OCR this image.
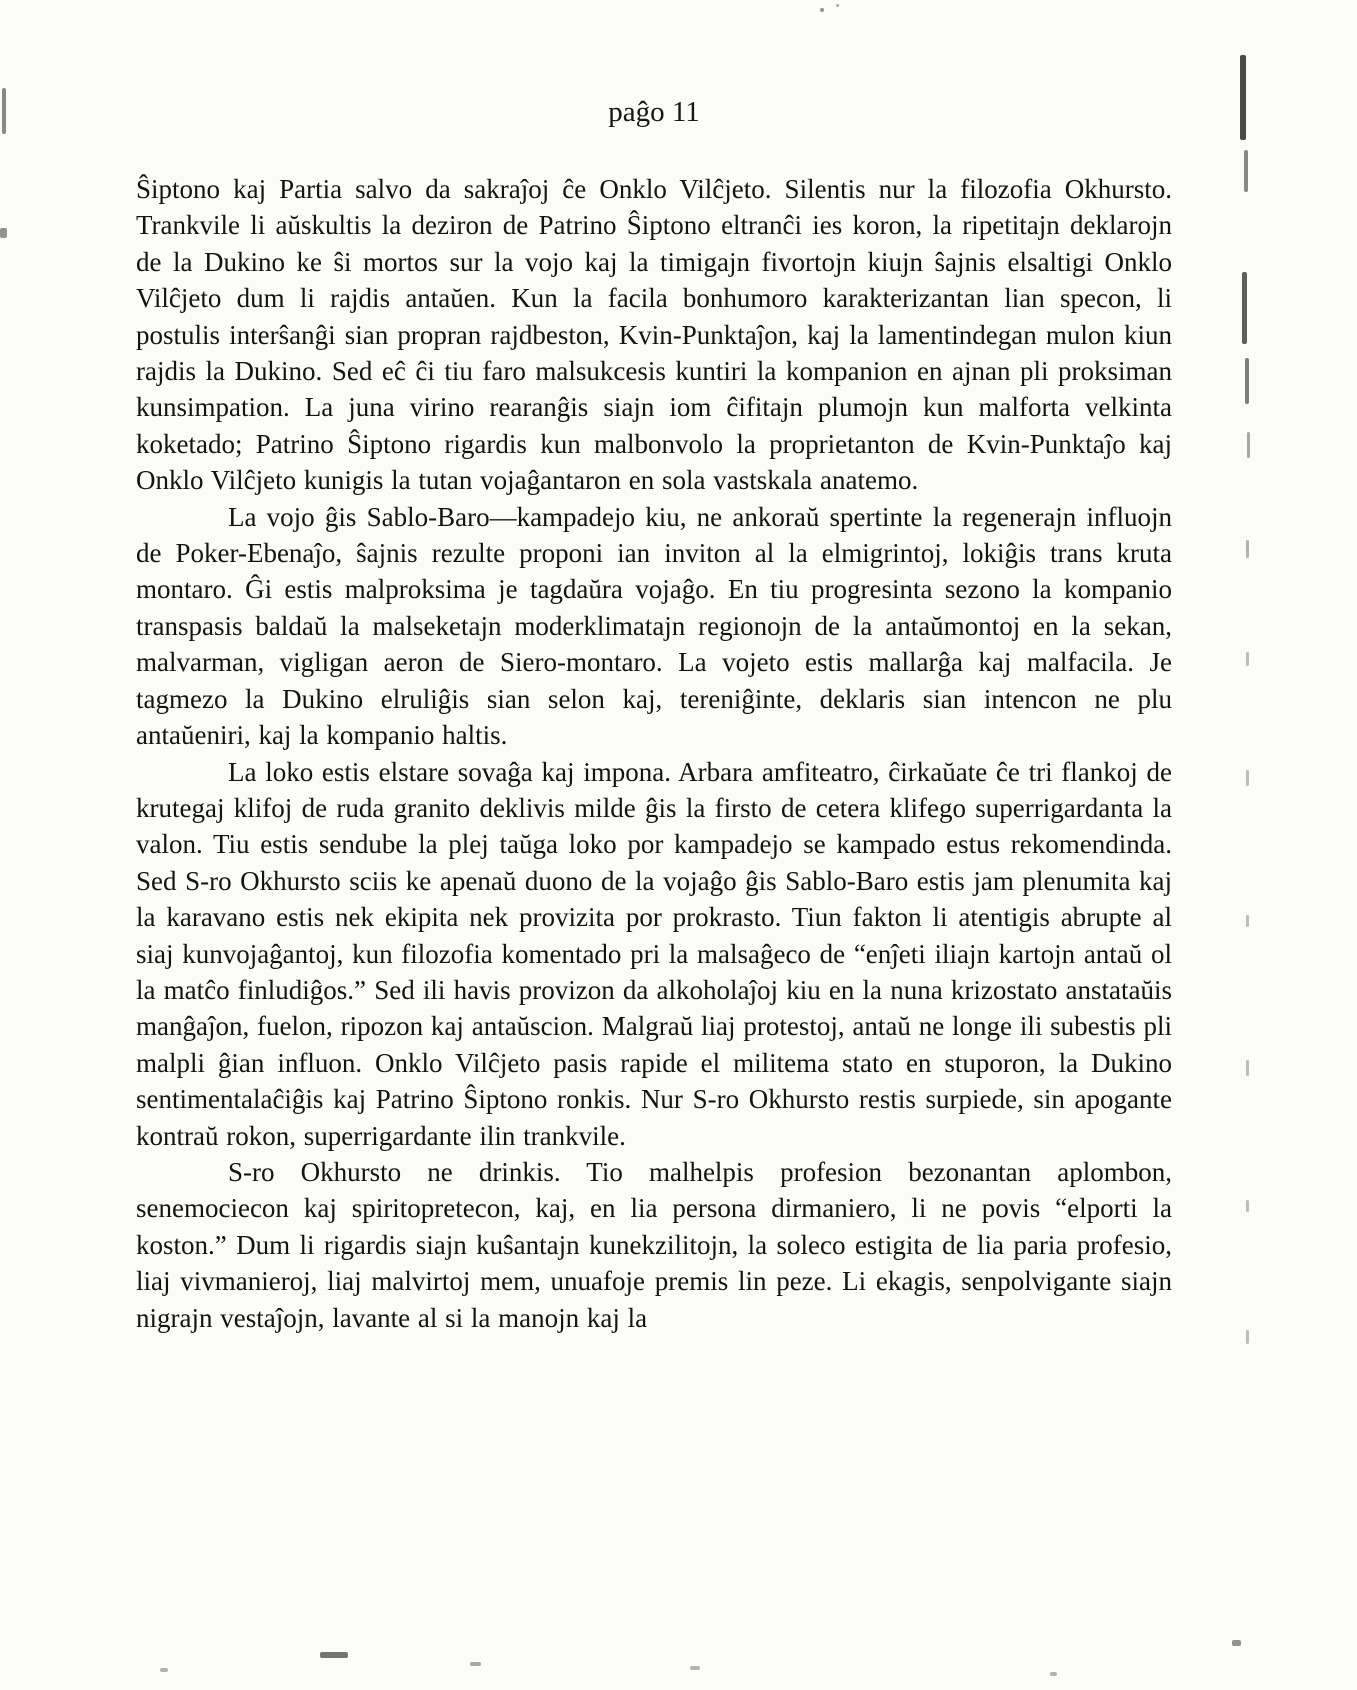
paĝo 11

Ŝiptono kaj Partia salvo da sakraĵoj ĉe Onklo Vilĉjeto. Silentis nur la filozofia Okhursto. Trankvile li aŭskultis la deziron de Patrino Ŝiptono eltranĉi ies koron, la ripetitajn deklarojn de la Dukino ke ŝi mortos sur la vojo kaj la timigajn fivortojn kiujn ŝajnis elsaltigi Onklo Vilĉjeto dum li rajdis antaŭen. Kun la facila bonhumoro karakterizantan lian specon, li postulis interŝanĝi sian propran rajdbeston, Kvin-Punktaĵon, kaj la lamentindegan mulon kiun rajdis la Dukino. Sed eĉ ĉi tiu faro malsukcesis kuntiri la kompanion en ajnan pli proksiman kunsimpation. La juna virino rearanĝis siajn iom ĉifitajn plumojn kun malforta velkinta koketado; Patrino Ŝiptono rigardis kun malbonvolo la proprietanton de Kvin-Punktaĵo kaj Onklo Vilĉjeto kunigis la tutan vojaĝantaron en sola vastskala anatemo.

La vojo ĝis Sablo-Baro—kampadejo kiu, ne ankoraŭ spertinte la regenerajn influojn de Poker-Ebenaĵo, ŝajnis rezulte proponi ian inviton al la elmigrintoj, lokiĝis trans kruta montaro. Ĝi estis malproksima je tagdaŭra vojaĝo. En tiu progresinta sezono la kompanio transpasis baldaŭ la malseketajn moderklimatajn regionojn de la antaŭmontoj en la sekan, malvarman, vigligan aeron de Siero-montaro. La vojeto estis mallarĝa kaj malfacila. Je tagmezo la Dukino elruliĝis sian selon kaj, tereniĝinte, deklaris sian intencon ne plu antaŭeniri, kaj la kompanio haltis.

La loko estis elstare sovaĝa kaj impona. Arbara amfiteatro, ĉirkaŭate ĉe tri flankoj de krutegaj klifoj de ruda granito deklivis milde ĝis la firsto de cetera klifego superrigardanta la valon. Tiu estis sendube la plej taŭga loko por kampadejo se kampado estus rekomendinda. Sed S-ro Okhursto sciis ke apenaŭ duono de la vojaĝo ĝis Sablo-Baro estis jam plenumita kaj la karavano estis nek ekipita nek provizita por prokrasto. Tiun fakton li atentigis abrupte al siaj kunvojaĝantoj, kun filozofia komentado pri la malsaĝeco de “enĵeti iliajn kartojn antaŭ ol la matĉo finludiĝos.” Sed ili havis provizon da alkoholaĵoj kiu en la nuna krizostato anstataŭis manĝaĵon, fuelon, ripozon kaj antaŭscion. Malgraŭ liaj protestoj, antaŭ ne longe ili subestis pli malpli ĝian influon. Onklo Vilĉjeto pasis rapide el militema stato en stuporon, la Dukino sentimentalaĉiĝis kaj Patrino Ŝiptono ronkis. Nur S-ro Okhursto restis surpiede, sin apogante kontraŭ rokon, superrigardante ilin trankvile.

S-ro Okhursto ne drinkis. Tio malhelpis profesion bezonantan aplombon, senemociecon kaj spiritopretecon, kaj, en lia persona dirmaniero, li ne povis “elporti la koston.” Dum li rigardis siajn kuŝantajn kunekzilitojn, la soleco estigita de lia paria profesio, liaj vivmanieroj, liaj malvirtoj mem, unuafoje premis lin peze. Li ekagis, senpolvigante siajn nigrajn vestaĵojn, lavante al si la manojn kaj la
